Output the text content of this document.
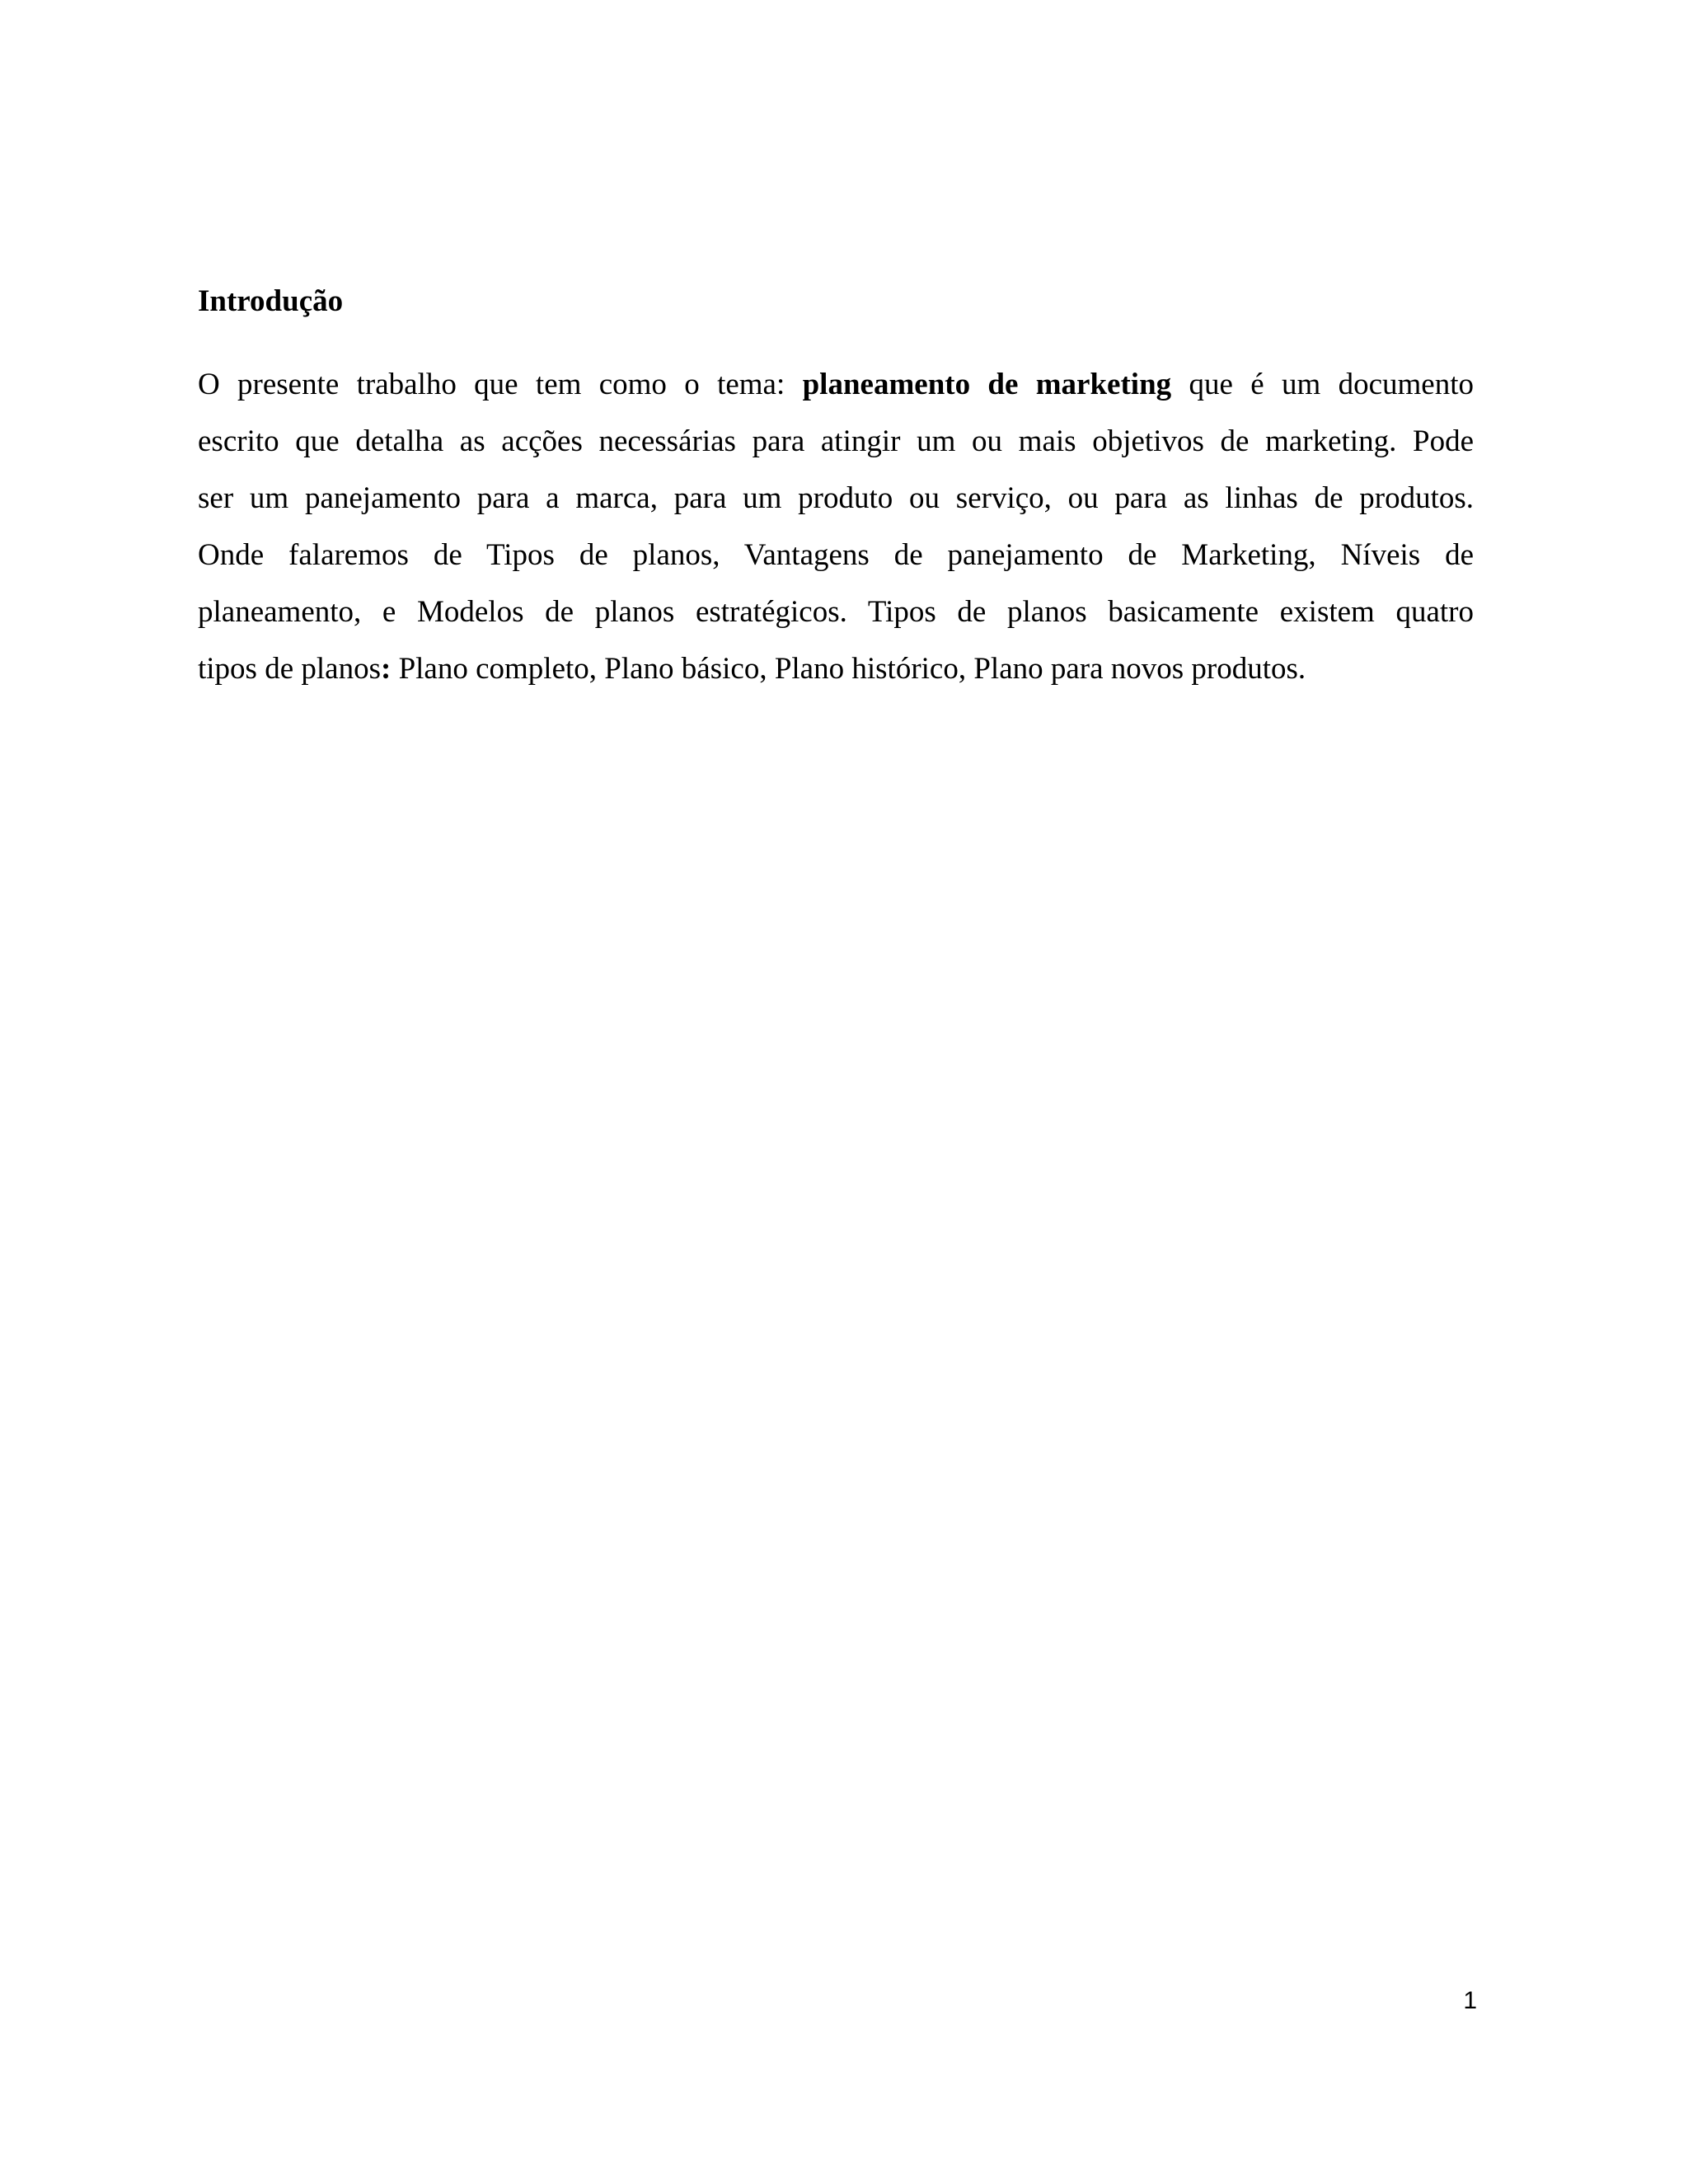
Introdução
O presente trabalho que tem como o tema: planeamento de marketing que é um documento
escrito que detalha as acções necessárias para atingir um ou mais objetivos de marketing. Pode
ser um panejamento para a marca, para um produto ou serviço, ou para as linhas de produtos.
Onde falaremos de Tipos de planos, Vantagens de panejamento de Marketing, Níveis de
planeamento, e Modelos de planos estratégicos. Tipos de planos basicamente existem quatro
tipos de planos: Plano completo, Plano básico, Plano histórico, Plano para novos produtos.
1
